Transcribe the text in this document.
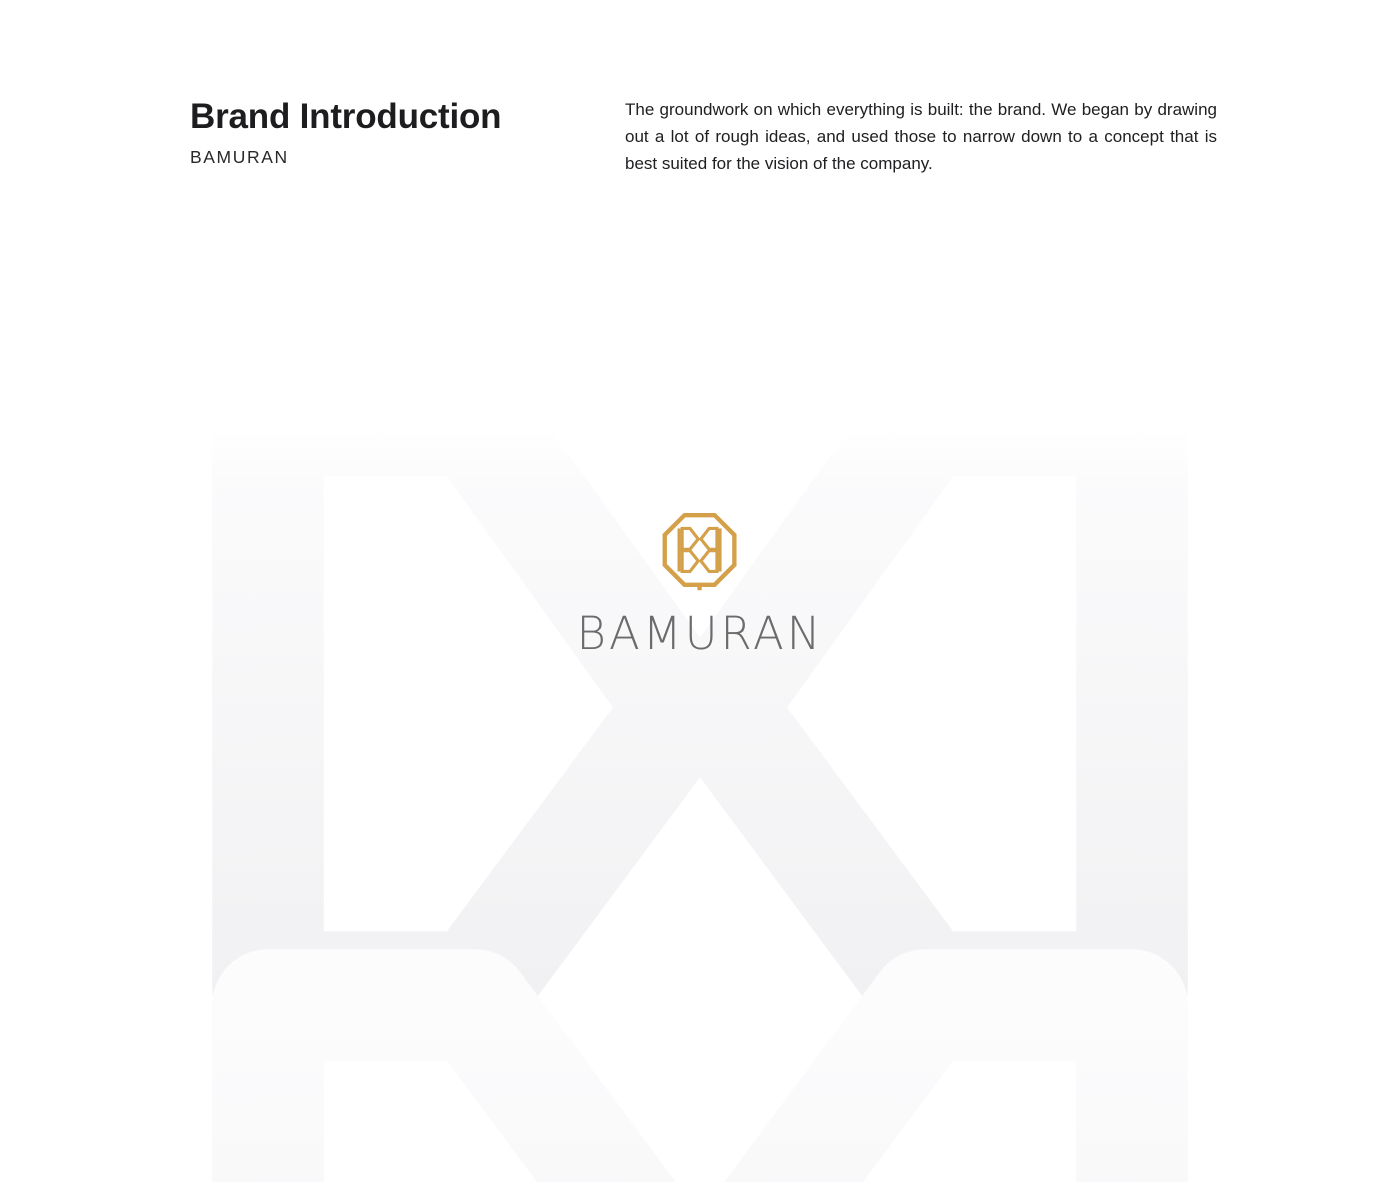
Brand Introduction
BAMURAN

The groundwork on which everything is built: the brand. We began by drawing out a lot of rough ideas, and used those to narrow down to a concept that is best suited for the vision of the company.

BAMURAN
